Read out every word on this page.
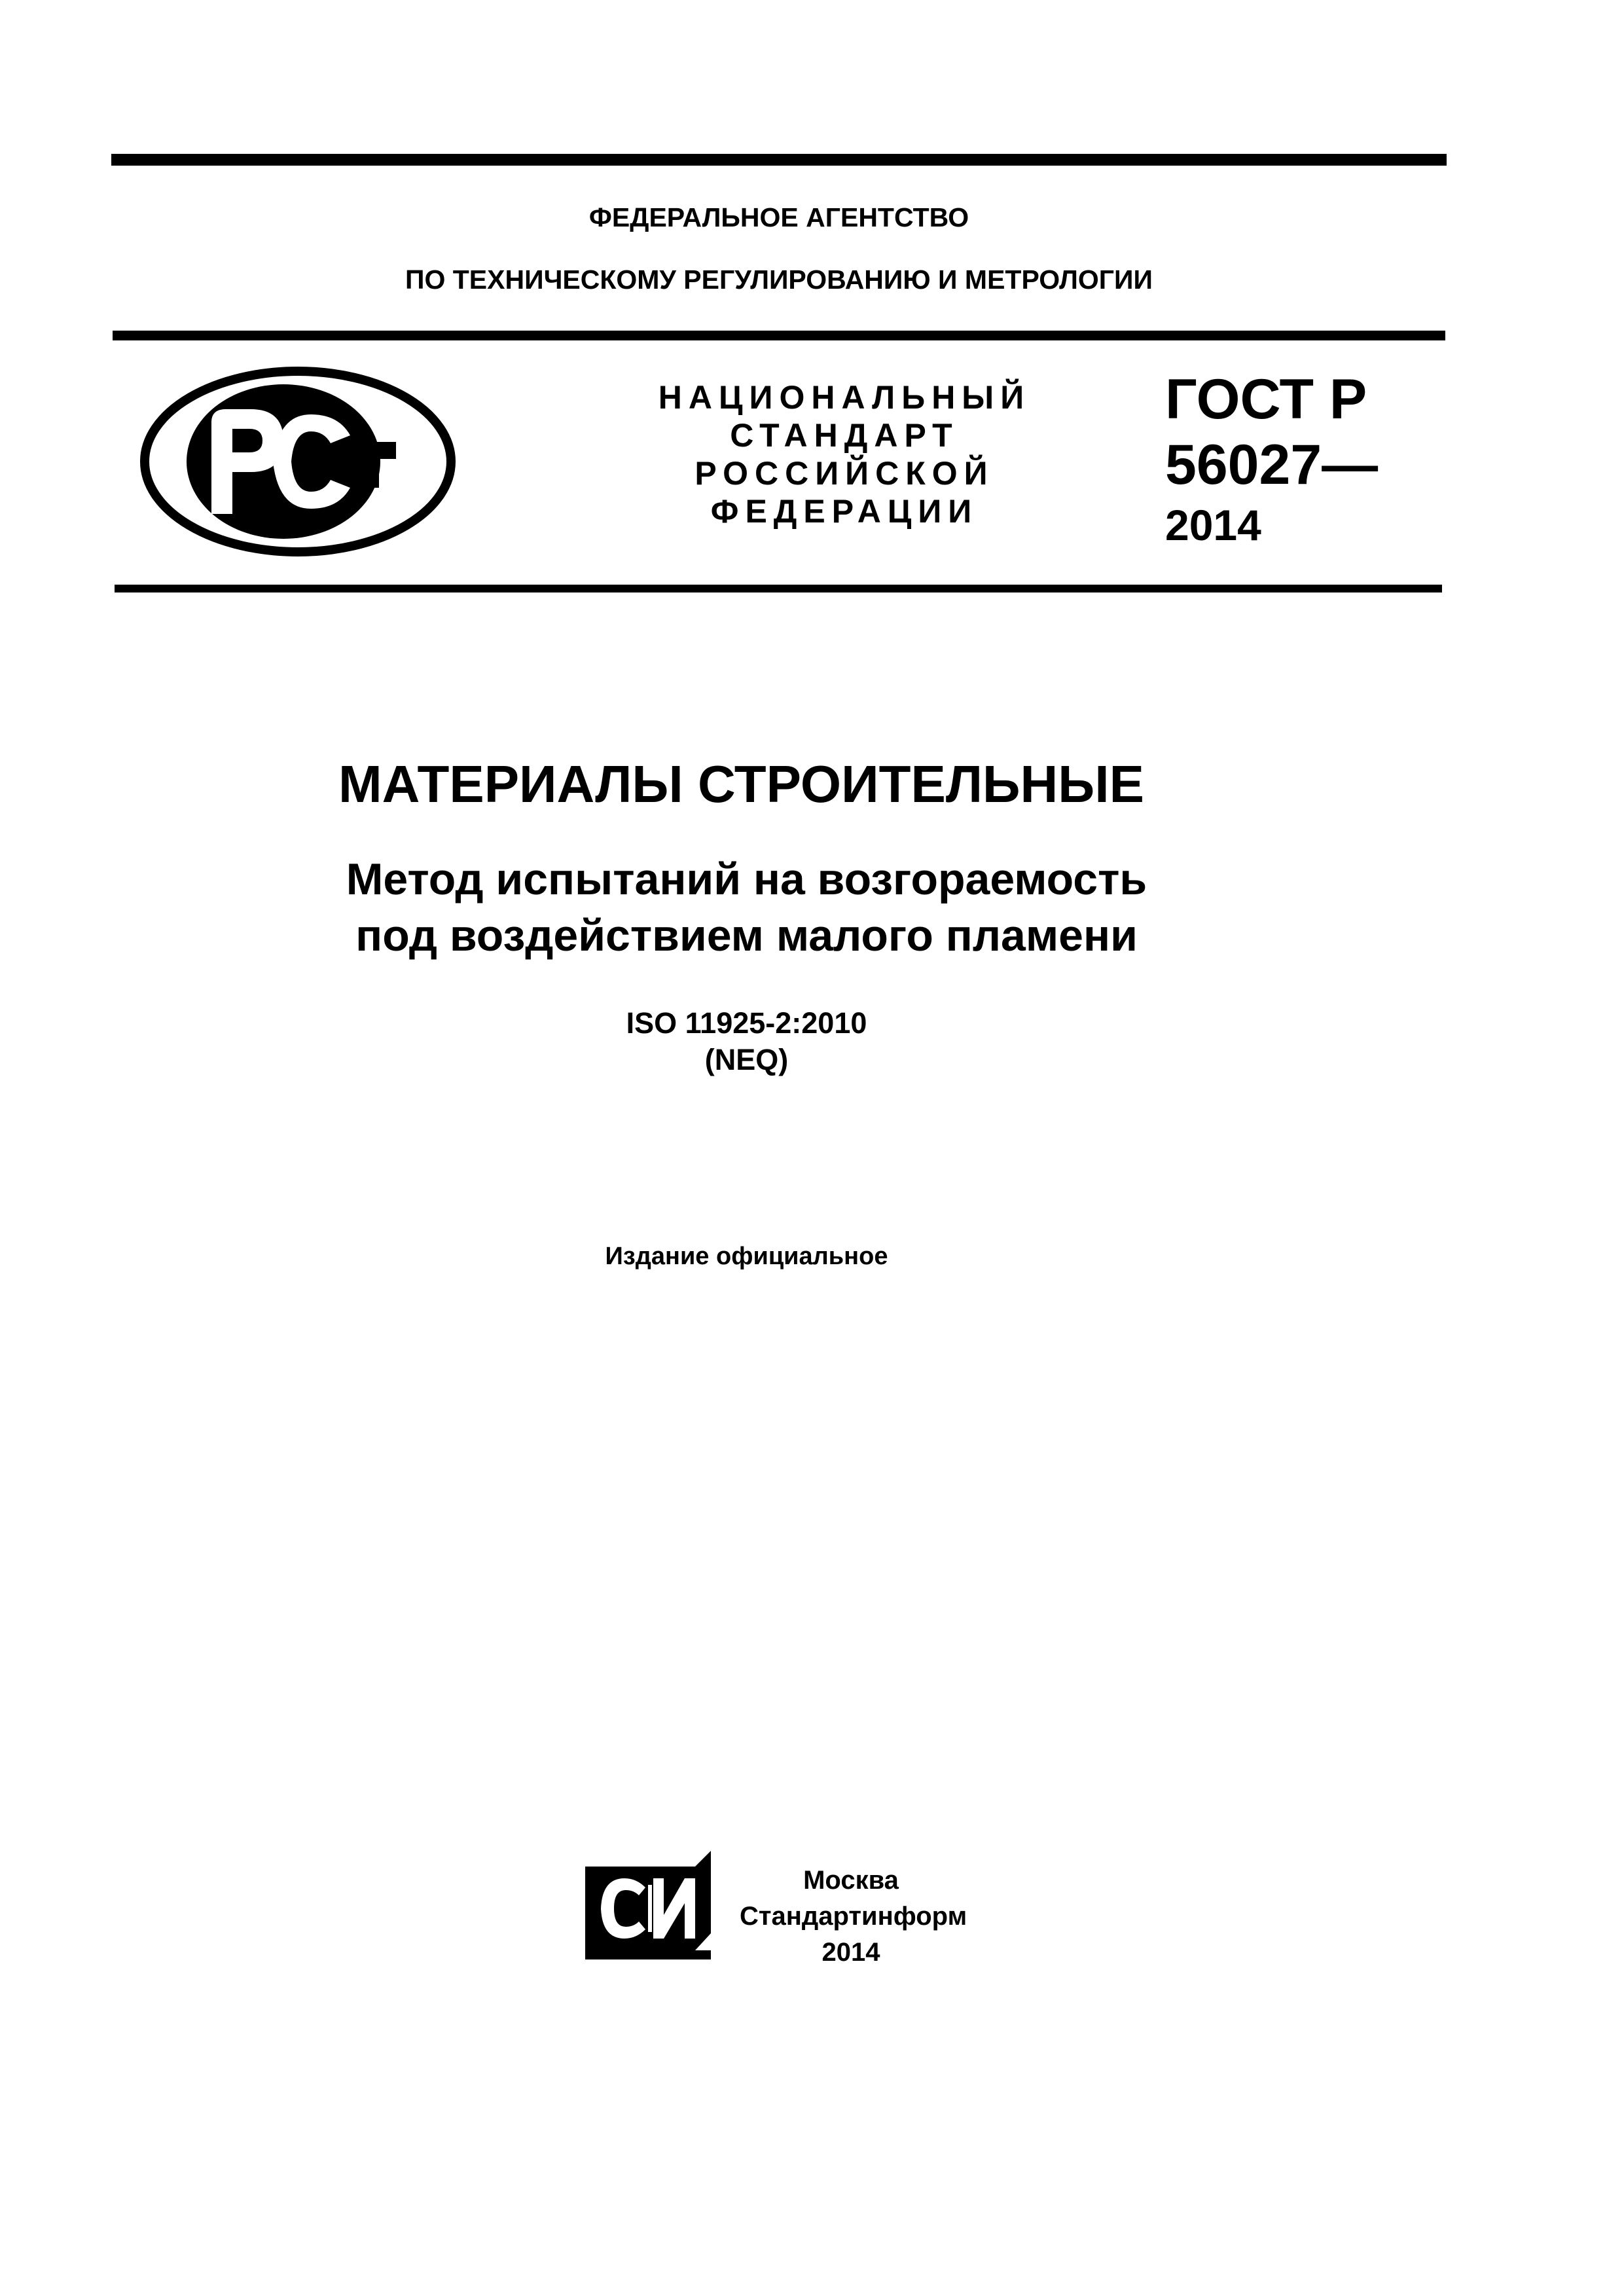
ФЕДЕРАЛЬНОЕ АГЕНТСТВО
ПО ТЕХНИЧЕСКОМУ РЕГУЛИРОВАНИЮ И МЕТРОЛОГИИ
НАЦИОНАЛЬНЫЙ
СТАНДАРТ
РОССИЙСКОЙ
ФЕДЕРАЦИИ
ГОСТ Р
56027—
2014
МАТЕРИАЛЫ СТРОИТЕЛЬНЫЕ
Метод испытаний на возгораемость
под воздействием малого пламени
ISO 11925-2:2010
(NEQ)
Издание официальное
Москва
Стандартинформ
2014
